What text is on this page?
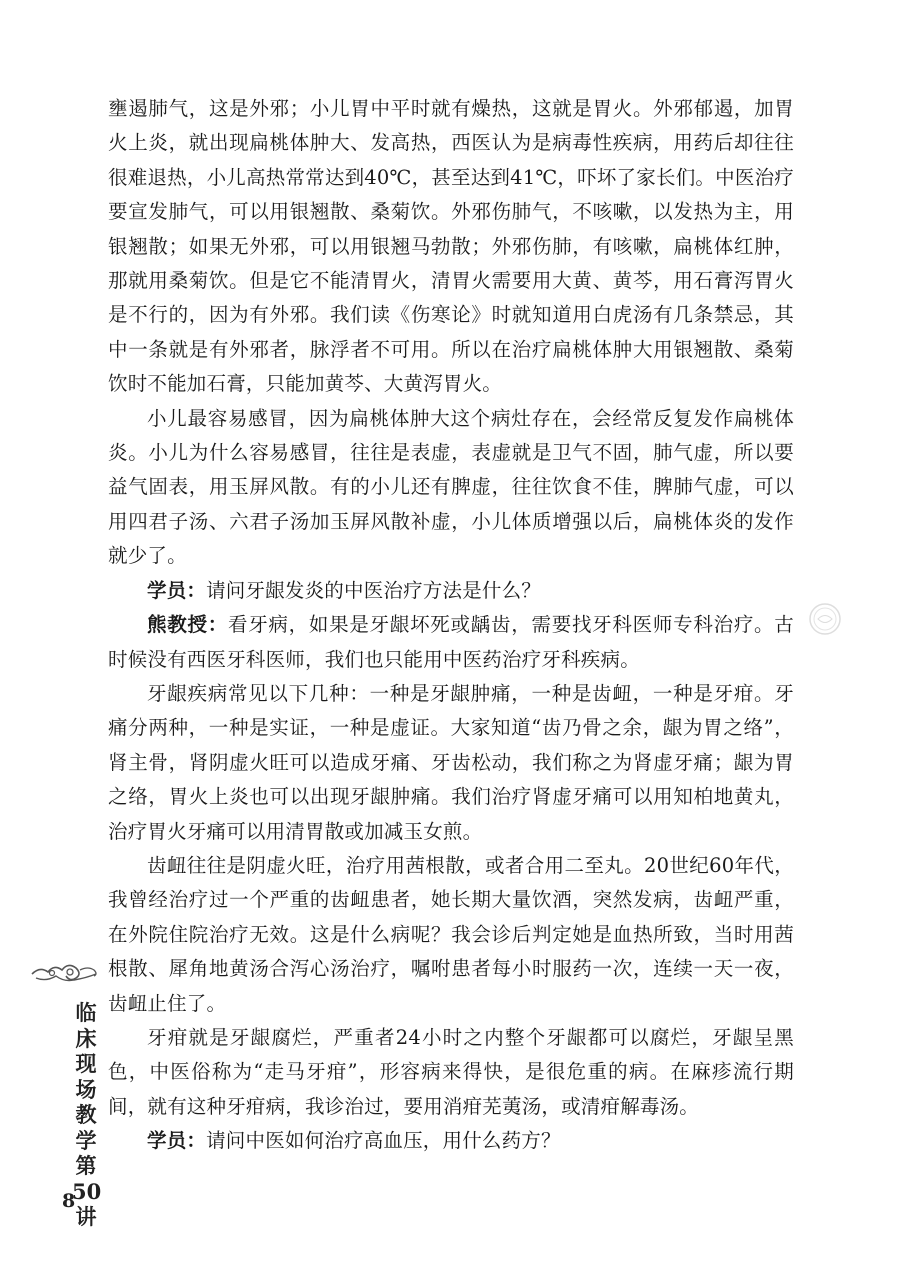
壅遏肺气，这是外邪；小儿胃中平时就有燥热，这就是胃火。外邪郁遏，加胃火上炎，就出现扁桃体肿大、发高热，西医认为是病毒性疾病，用药后却往往很难退热，小儿高热常常达到40℃，甚至达到41℃，吓坏了家长们。中医治疗要宣发肺气，可以用银翘散、桑菊饮。外邪伤肺气，不咳嗽，以发热为主，用银翘散；如果无外邪，可以用银翘马勃散；外邪伤肺，有咳嗽，扁桃体红肿，那就用桑菊饮。但是它不能清胃火，清胃火需要用大黄、黄芩，用石膏泻胃火是不行的，因为有外邪。我们读《伤寒论》时就知道用白虎汤有几条禁忌，其中一条就是有外邪者，脉浮者不可用。所以在治疗扁桃体肿大用银翘散、桑菊饮时不能加石膏，只能加黄芩、大黄泻胃火。

小儿最容易感冒，因为扁桃体肿大这个病灶存在，会经常反复发作扁桃体炎。小儿为什么容易感冒，往往是表虚，表虚就是卫气不固，肺气虚，所以要益气固表，用玉屏风散。有的小儿还有脾虚，往往饮食不佳，脾肺气虚，可以用四君子汤、六君子汤加玉屏风散补虚，小儿体质增强以后，扁桃体炎的发作就少了。

学员：请问牙龈发炎的中医治疗方法是什么？

熊教授：看牙病，如果是牙龈坏死或龋齿，需要找牙科医师专科治疗。古时候没有西医牙科医师，我们也只能用中医药治疗牙科疾病。

牙龈疾病常见以下几种：一种是牙龈肿痛，一种是齿衄，一种是牙疳。牙痛分两种，一种是实证，一种是虚证。大家知道“齿乃骨之余，龈为胃之络”，肾主骨，肾阴虚火旺可以造成牙痛、牙齿松动，我们称之为肾虚牙痛；龈为胃之络，胃火上炎也可以出现牙龈肿痛。我们治疗肾虚牙痛可以用知柏地黄丸，治疗胃火牙痛可以用清胃散或加减玉女煎。

齿衄往往是阴虚火旺，治疗用茜根散，或者合用二至丸。20世纪60年代，我曾经治疗过一个严重的齿衄患者，她长期大量饮酒，突然发病，齿衄严重，在外院住院治疗无效。这是什么病呢？我会诊后判定她是血热所致，当时用茜根散、犀角地黄汤合泻心汤治疗，嘱咐患者每小时服药一次，连续一天一夜，齿衄止住了。

牙疳就是牙龈腐烂，严重者24小时之内整个牙龈都可以腐烂，牙龈呈黑色，中医俗称为“走马牙疳”，形容病来得快，是很危重的病。在麻疹流行期间，就有这种牙疳病，我诊治过，要用消疳芜荑汤，或清疳解毒汤。

学员：请问中医如何治疗高血压，用什么药方？

临
床
现
场
教
学
第
50
讲
8
